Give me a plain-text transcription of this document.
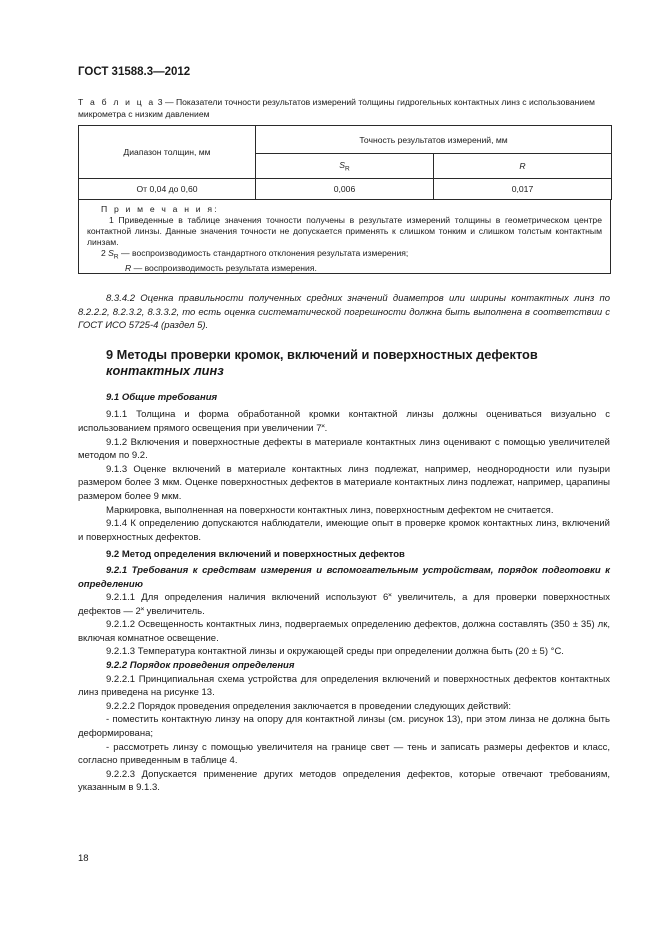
ГОСТ 31588.3—2012
Т а б л и ц а 3 — Показатели точности результатов измерений толщины гидрогельных контактных линз с использованием микрометра с низким давлением
Диапазон толщин, мм	Точность результатов измерений, мм	
	$S_R$	R
От 0,04 до 0,60	0,006	0,017

П р и м е ч а н и я:

1 Приведенные в таблице значения точности получены в результате измерений толщины в геометрическом центре контактной линзы. Данные значения точности не допускается применять к слишком тонким и слишком толстым контактным линзам.

2 $S_R$ — воспроизводимость стандартного отклонения результата измерения;

R — воспроизводимость результата измерения.

8.3.4.2 Оценка правильности полученных средних значений диаметров или ширины контактных линз по 8.2.2.2, 8.2.3.2, 8.3.3.2, то есть оценка систематической погрешности должна быть выполнена в соответствии с ГОСТ ИСО 5725-4 (раздел 5).

9 Методы проверки кромок, включений и поверхностных дефектов
контактных линз

9.1 Общие требования

9.1.1 Толщина и форма обработанной кромки контактной линзы должны оцениваться визуально с использованием прямого освещения при увеличении 7˟.

9.1.2 Включения и поверхностные дефекты в материале контактных линз оценивают с помощью увеличителей методом по 9.2.

9.1.3 Оценке включений в материале контактных линз подлежат, например, неоднородности или пузыри размером более 3 мкм. Оценке поверхностных дефектов в материале контактных линз подлежат, например, царапины размером более 9 мкм.

Маркировка, выполненная на поверхности контактных линз, поверхностным дефектом не считается.

9.1.4 К определению допускаются наблюдатели, имеющие опыт в проверке кромок контактных линз, включений и поверхностных дефектов.

9.2 Метод определения включений и поверхностных дефектов

9.2.1 Требования к средствам измерения и вспомогательным устройствам, порядок подготовки к определению

9.2.1.1 Для определения наличия включений используют 6˟ увеличитель, а для проверки поверхностных дефектов — 2˟ увеличитель.

9.2.1.2 Освещенность контактных линз, подвергаемых определению дефектов, должна составлять (350 ± 35) лк, включая комнатное освещение.

9.2.1.3 Температура контактной линзы и окружающей среды при определении должна быть (20 ± 5) °С.

9.2.2 Порядок проведения определения

9.2.2.1 Принципиальная схема устройства для определения включений и поверхностных дефектов контактных линз приведена на рисунке 13.

9.2.2.2 Порядок проведения определения заключается в проведении следующих действий:

- поместить контактную линзу на опору для контактной линзы (см. рисунок 13), при этом линза не должна быть деформирована;

- рассмотреть линзу с помощью увеличителя на границе свет — тень и записать размеры дефектов и класс, согласно приведенным в таблице 4.

9.2.2.3 Допускается применение других методов определения дефектов, которые отвечают требованиям, указанным в 9.1.3.

18
